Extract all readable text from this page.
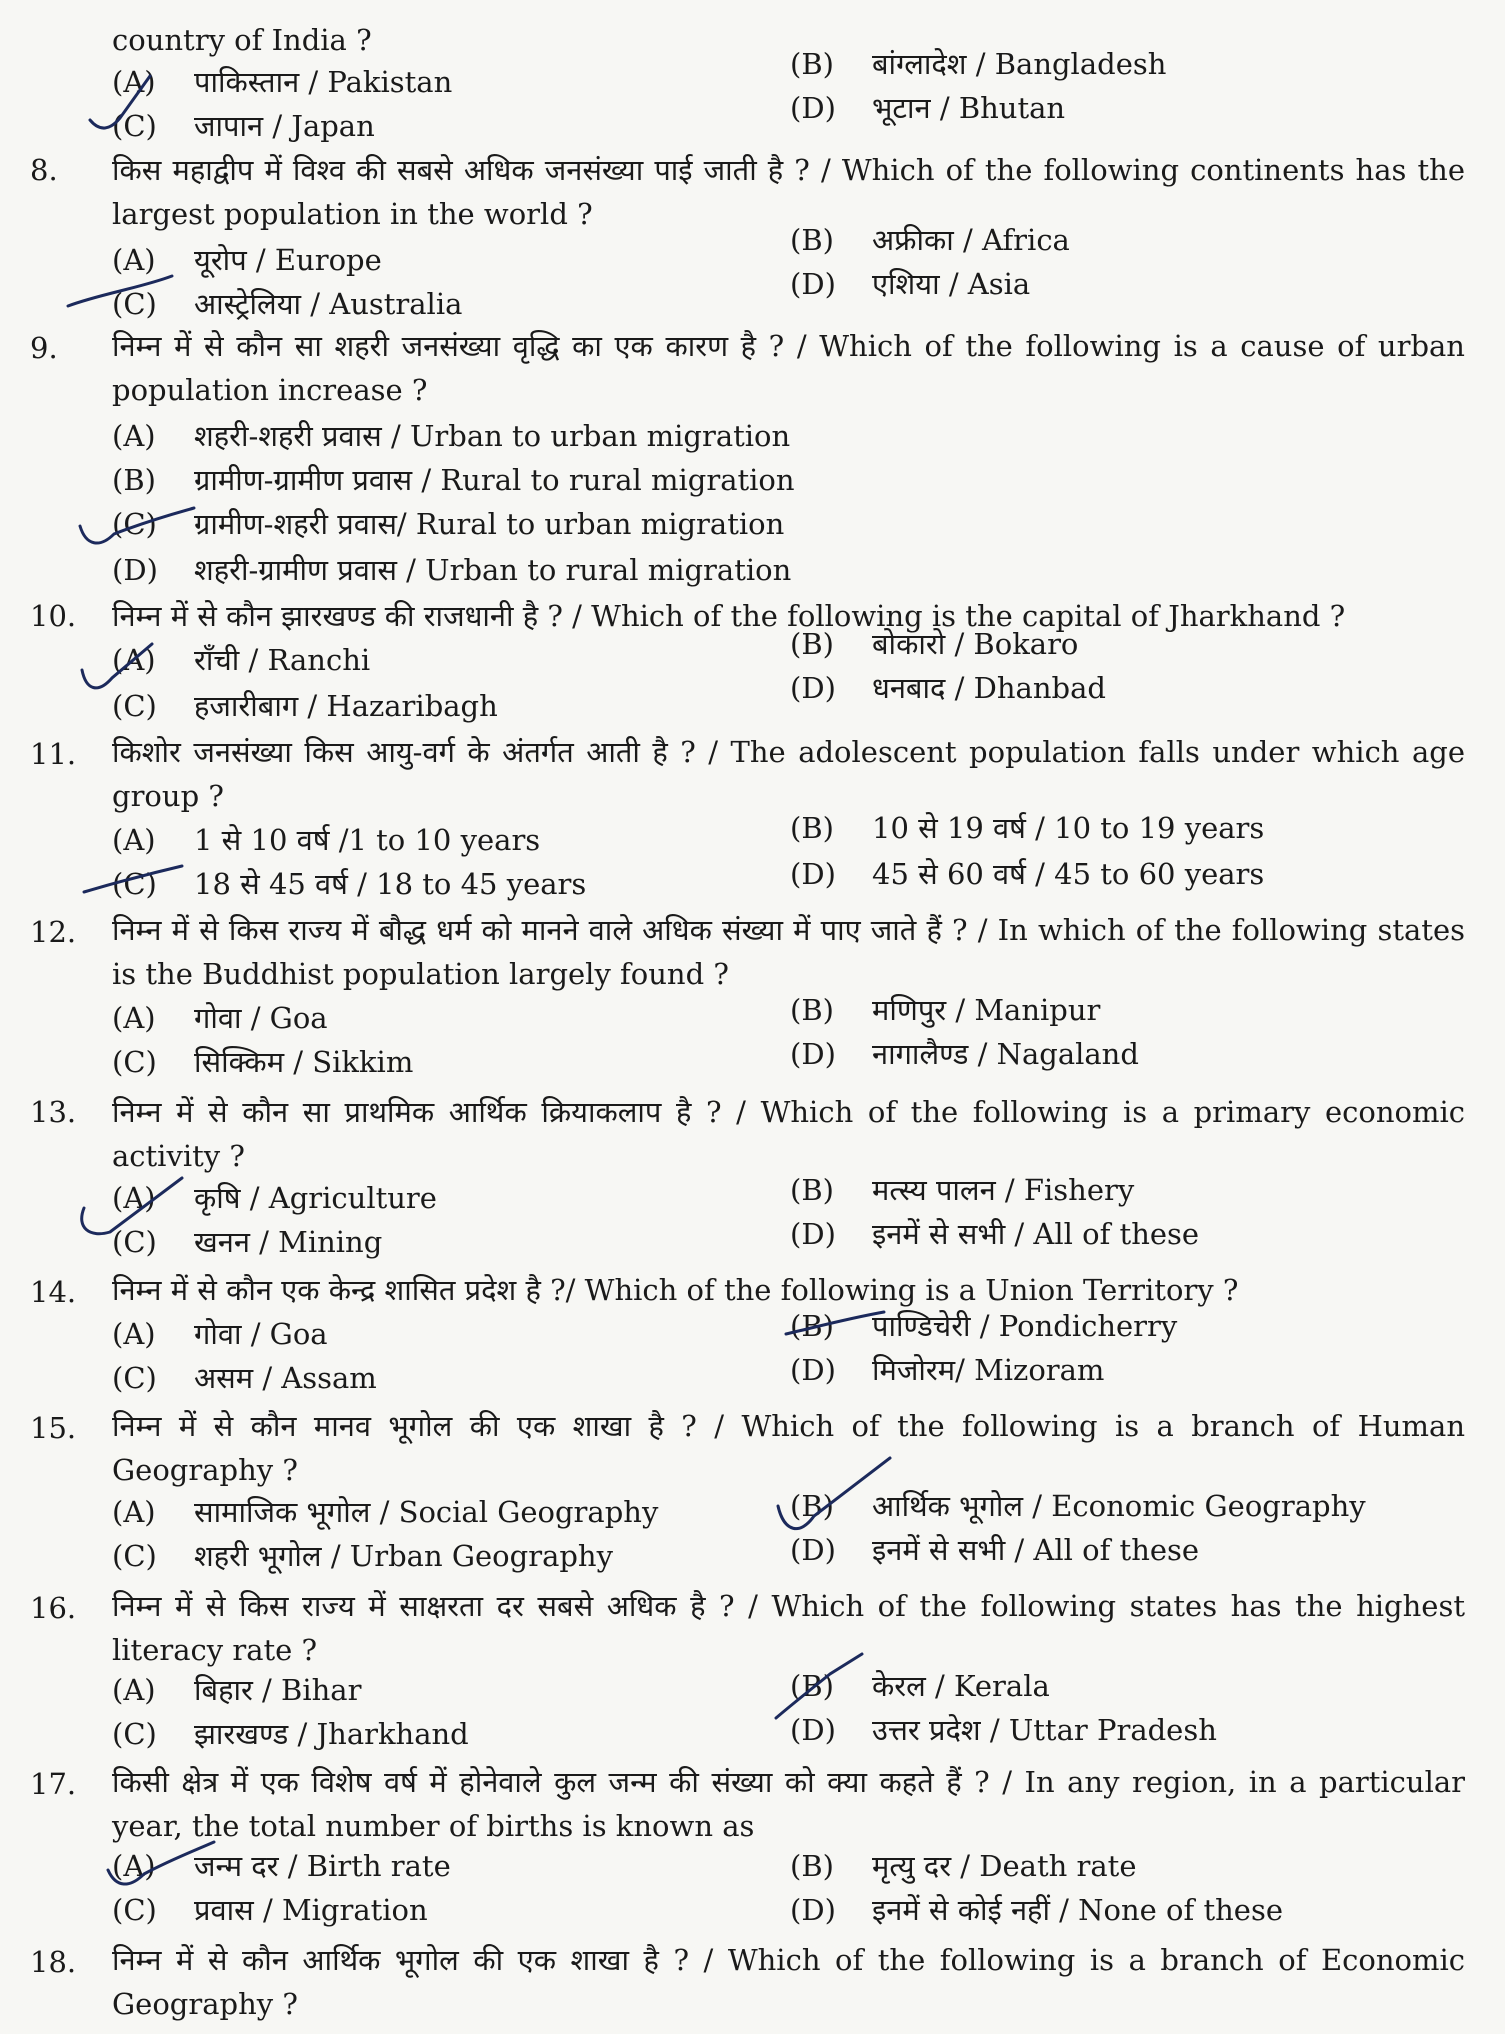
country of India ?
(A) पाकिस्तान / Pakistan
(B) बांग्लादेश / Bangladesh
(C) जापान / Japan
(D) भूटान / Bhutan
8.	किस महाद्वीप में विश्व की सबसे अधिक जनसंख्या पाई जाती है ? / Which of the following continents has the largest population in the world ?
(A) यूरोप / Europe
(B) अफ्रीका / Africa
(C) आस्ट्रेलिया / Australia
(D) एशिया / Asia
9.	निम्न में से कौन सा शहरी जनसंख्या वृद्धि का एक कारण है ? / Which of the following is a cause of urban population increase ?
(A) शहरी-शहरी प्रवास / Urban to urban migration
(B) ग्रामीण-ग्रामीण प्रवास / Rural to rural migration
(C) ग्रामीण-शहरी प्रवास/ Rural to urban migration
(D) शहरी-ग्रामीण प्रवास / Urban to rural migration
10.	निम्न में से कौन झारखण्ड की राजधानी है ? / Which of the following is the capital of Jharkhand ?
(A) राँची / Ranchi	(B) बोकारो / Bokaro
(C) हजारीबाग / Hazaribagh
(D) धनबाद / Dhanbad
11.	किशोर जनसंख्या किस आयु-वर्ग के अंतर्गत आती है ? / The adolescent population falls under which age group ?
(A) 1 से 10 वर्ष /1 to 10 years	(B) 10 से 19 वर्ष / 10 to 19 years
(C) 18 से 45 वर्ष / 18 to 45 years	(D) 45 से 60 वर्ष / 45 to 60 years
12.	निम्न में से किस राज्य में बौद्ध धर्म को मानने वाले अधिक संख्या में पाए जाते हैं ? / In which of the following states is the Buddhist population largely found ?
(A) गोवा / Goa	(B) मणिपुर / Manipur
(C) सिक्किम / Sikkim	(D) नागालैण्ड / Nagaland
13.	निम्न में से कौन सा प्राथमिक आर्थिक क्रियाकलाप है ? / Which of the following is a primary economic activity ?
(A) कृषि / Agriculture	(B) मत्स्य पालन / Fishery
(C) खनन / Mining	(D) इनमें से सभी / All of these
14.	निम्न में से कौन एक केन्द्र शासित प्रदेश है ?/ Which of the following is a Union Territory ?
(A) गोवा / Goa	(B) पाण्डिचेरी / Pondicherry
(C) असम / Assam	(D) मिजोरम/ Mizoram
15.	निम्न में से कौन मानव भूगोल की एक शाखा है ? / Which of the following is a branch of Human Geography ?
(A) सामाजिक भूगोल / Social Geography	(B) आर्थिक भूगोल / Economic Geography
(C) शहरी भूगोल / Urban Geography	(D) इनमें से सभी / All of these
16.	निम्न में से किस राज्य में साक्षरता दर सबसे अधिक है ? / Which of the following states has the highest literacy rate ?
(A) बिहार / Bihar	(B) केरल / Kerala
(C) झारखण्ड / Jharkhand	(D) उत्तर प्रदेश / Uttar Pradesh
17.	किसी क्षेत्र में एक विशेष वर्ष में होनेवाले कुल जन्म की संख्या को क्या कहते हैं ? / In any region, in a particular year, the total number of births is known as
(A) जन्म दर / Birth rate	(B) मृत्यु दर / Death rate
(C) प्रवास / Migration	(D) इनमें से कोई नहीं / None of these
18.	निम्न में से कौन आर्थिक भूगोल की एक शाखा है ? / Which of the following is a branch of Economic Geography ?
